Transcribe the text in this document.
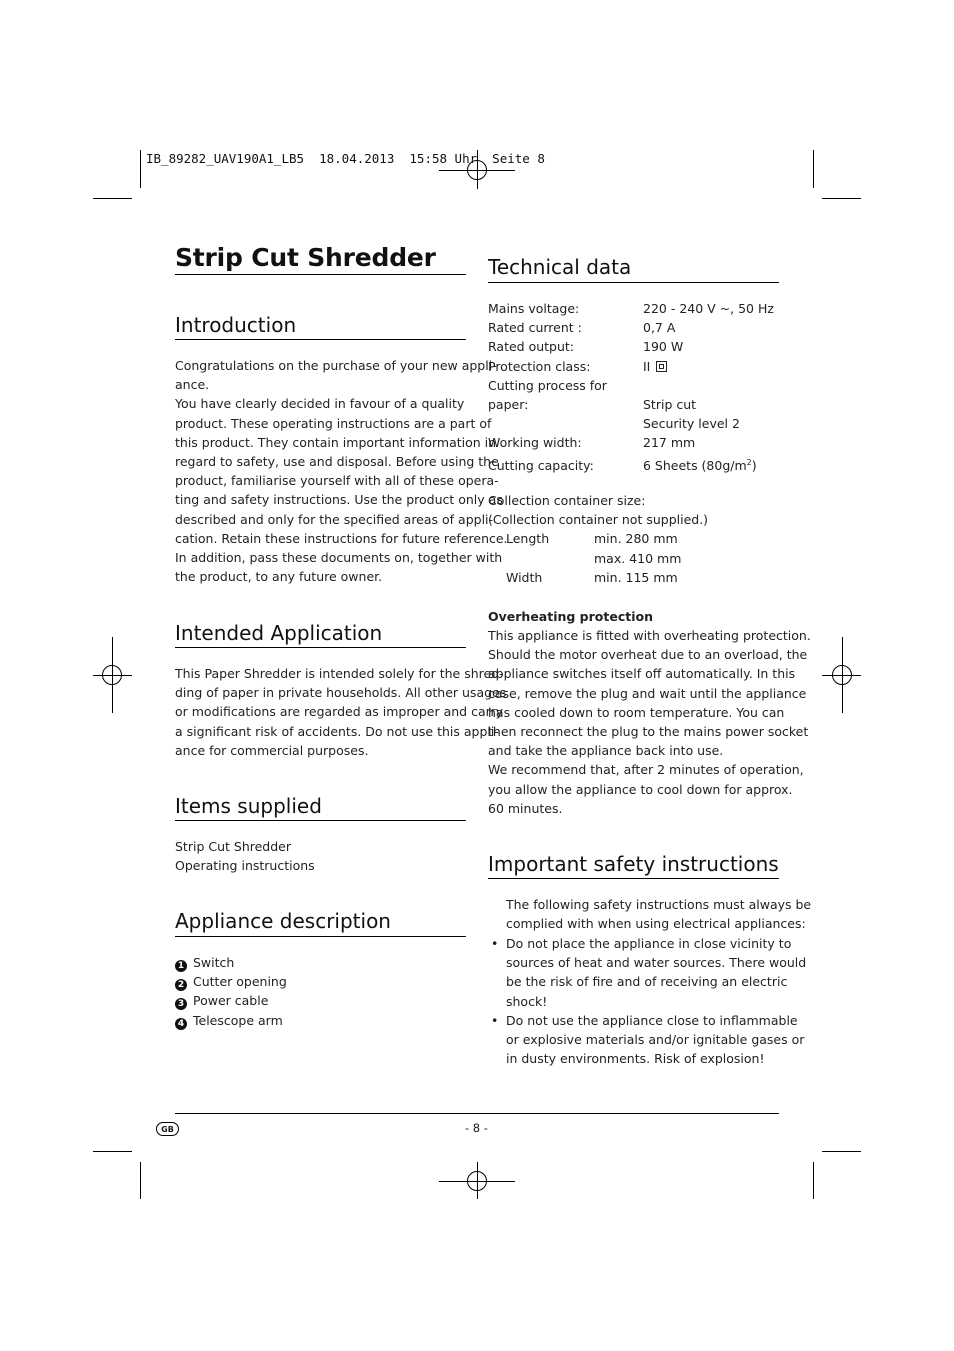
IB_89282_UAV190A1_LB5  18.04.2013  15:58 Uhr  Seite 8
Strip Cut Shredder
Introduction
Congratulations on the purchase of your new appli-
ance.
You have clearly decided in favour of a quality
product. These operating instructions are a part of
this product. They contain important information in
regard to safety, use and disposal. Before using the
product, familiarise yourself with all of these opera-
ting and safety instructions. Use the product only as
described and only for the specified areas of appli-
cation. Retain these instructions for future reference.
In addition, pass these documents on, together with
the product, to any future owner.
Intended Application
This Paper Shredder is intended solely for the shred-
ding of paper in private households. All other usages
or modifications are regarded as improper and carry
a significant risk of accidents. Do not use this appli-
ance for commercial purposes.
Items supplied
Strip Cut Shredder
Operating instructions
Appliance description
1 Switch
2 Cutter opening
3 Power cable
4 Telescope arm
Technical data
Mains voltage:	220 - 240 V ~, 50 Hz
Rated current :	0,7 A
Rated output:	190 W
Protection class:	II
Cutting process for
paper:	Strip cut
Security level 2
Working width:	217 mm
Cutting capacity:	6 Sheets $(80g/m^2)$
Collection container size:
(Collection container not supplied.)
Length	min. 280 mm
max. 410 mm
Width	min. 115 mm
Overheating protection
This appliance is fitted with overheating protection.
Should the motor overheat due to an overload, the
appliance switches itself off automatically. In this
case, remove the plug and wait until the appliance
has cooled down to room temperature. You can
then reconnect the plug to the mains power socket
and take the appliance back into use.
We recommend that, after 2 minutes of operation,
you allow the appliance to cool down for approx.
60 minutes.
Important safety instructions
The following safety instructions must always be
complied with when using electrical appliances:
• Do not place the appliance in close vicinity to
sources of heat and water sources. There would
be the risk of fire and of receiving an electric
shock!
• Do not use the appliance close to inflammable
or explosive materials and/or ignitable gases or
in dusty environments. Risk of explosion!
GB	- 8 -
